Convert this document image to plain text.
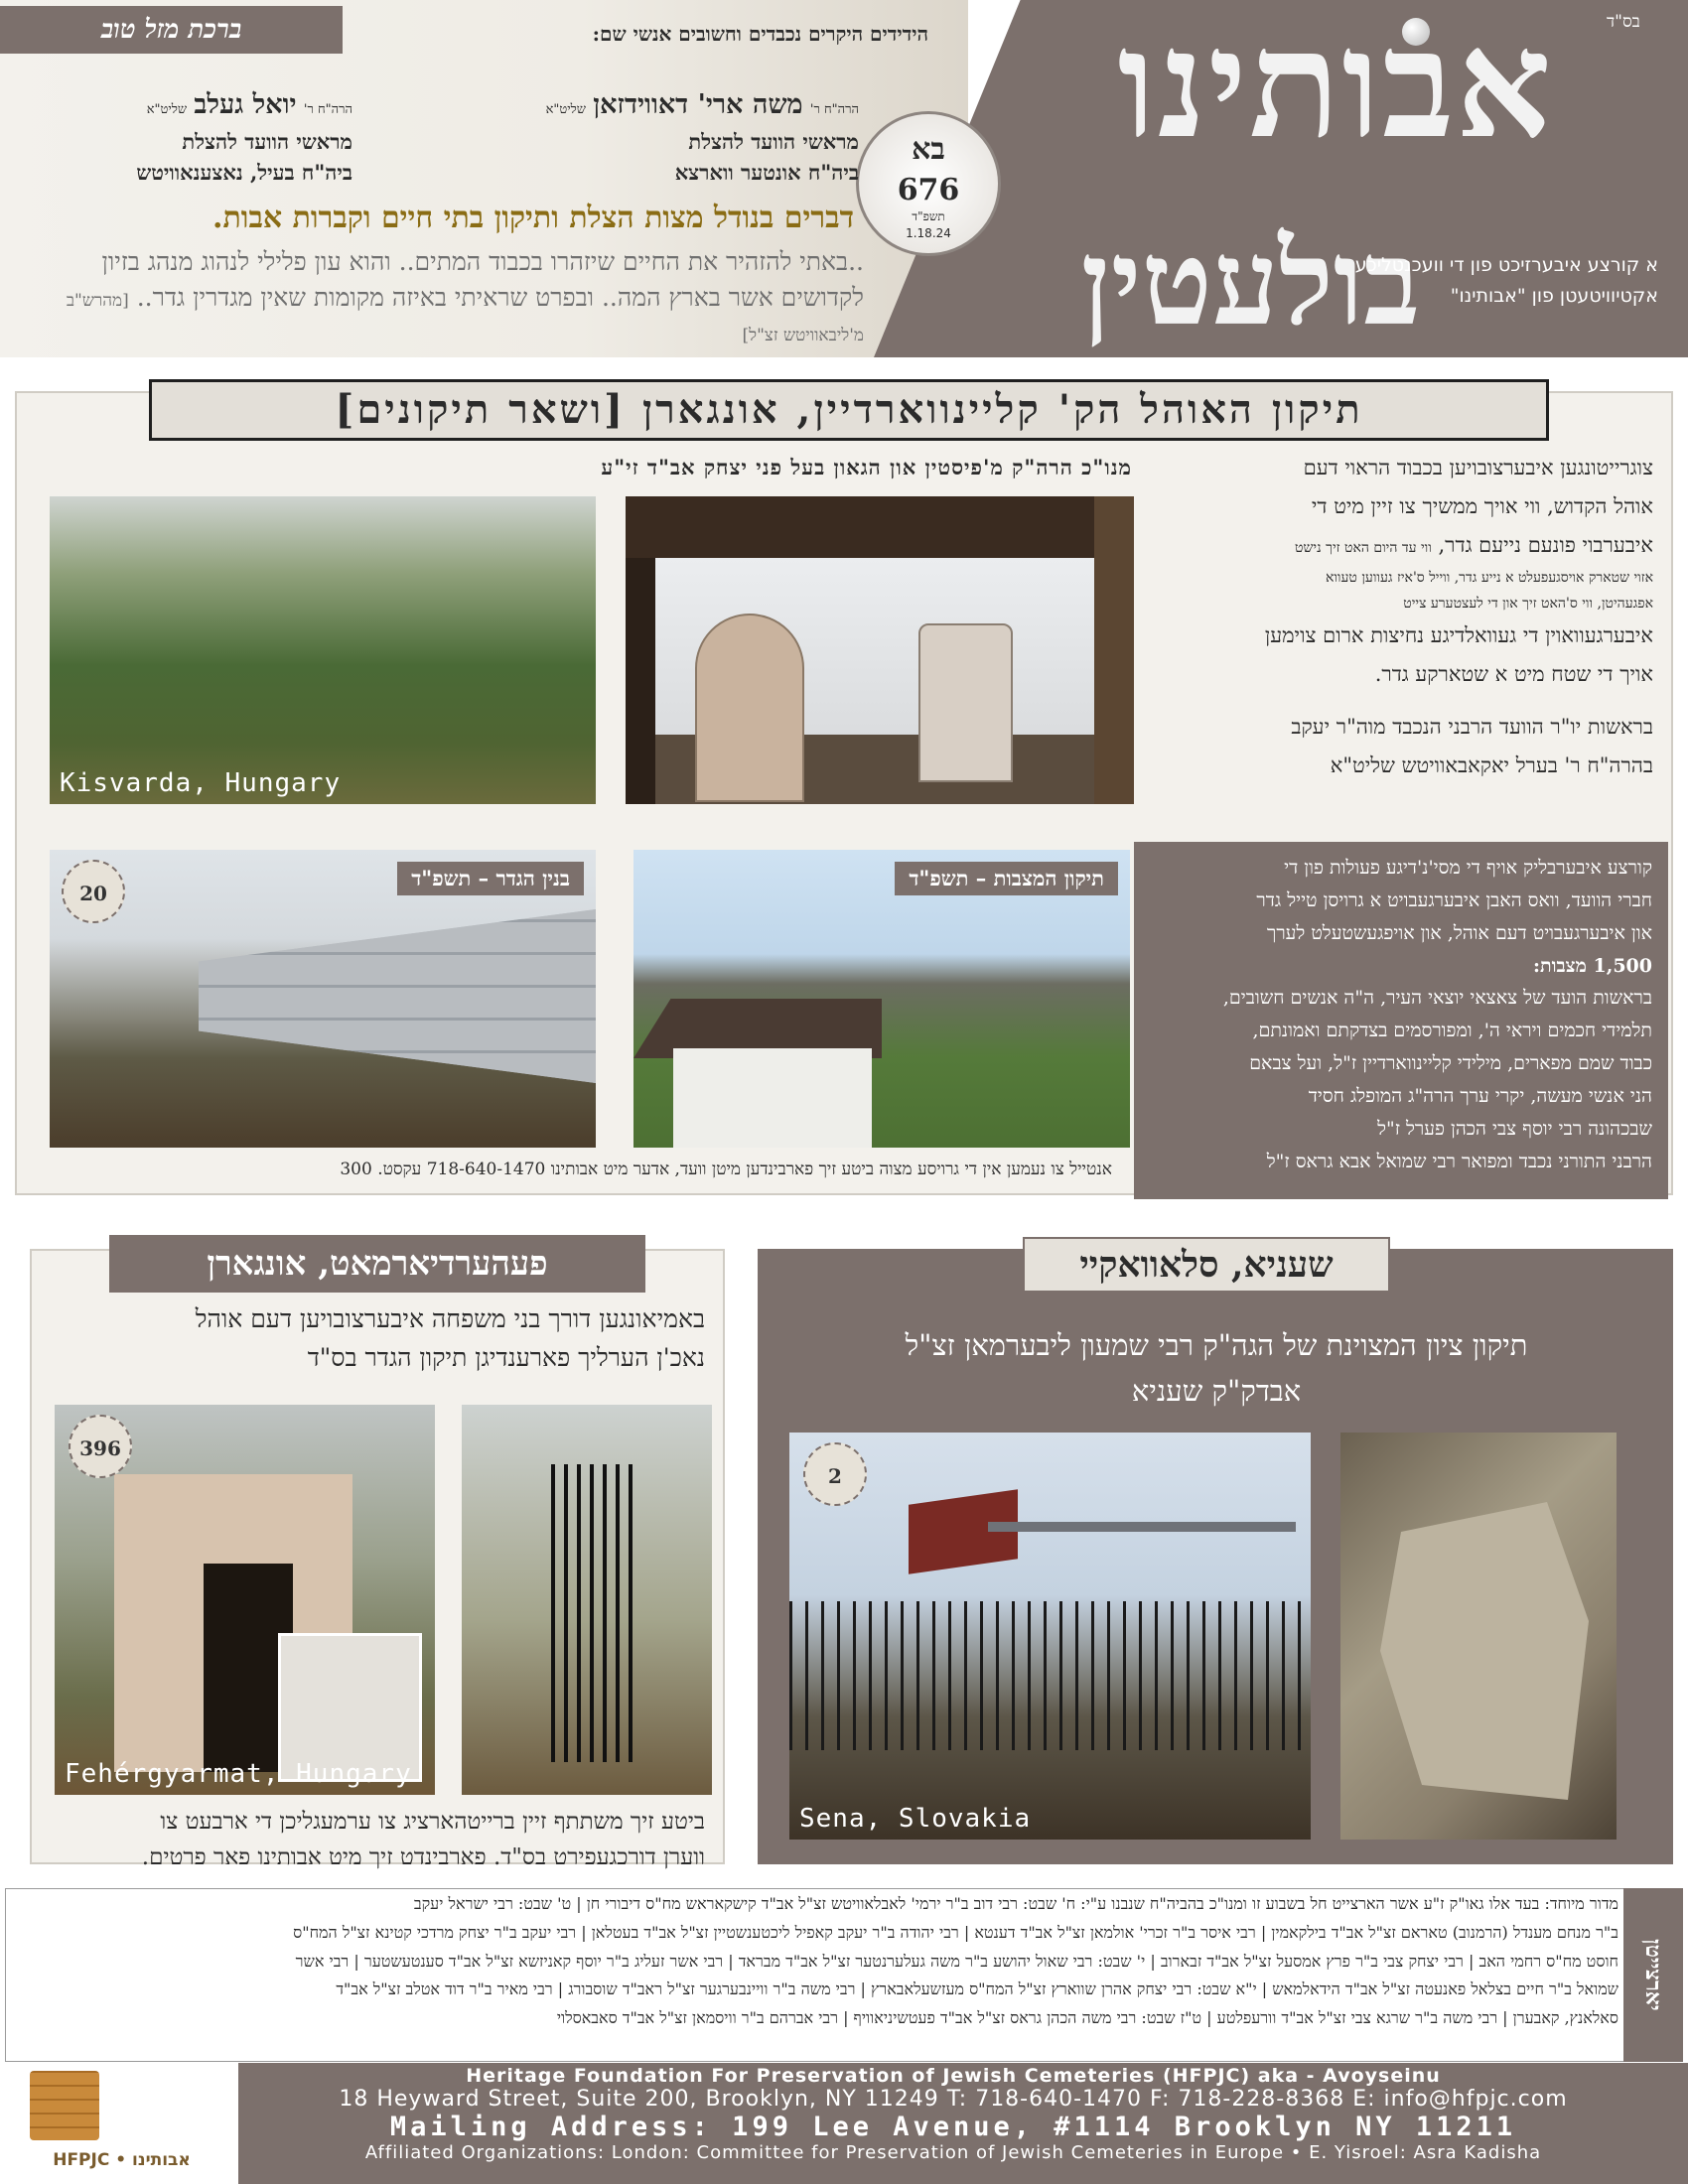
בס"ד
אבותינו
בולעטין
א קורצע איבערזיכט פון די וועכנטליכע אקטיוויטעטן פון "אבותינו"
בא
676
תשפ"ד
1.18.24
ברכת מזל טוב	הידידים היקרים נכבדים וחשובים אנשי שם:
הרה"ח ר' משה ארי' דאווידזאן שליט"א
מראשי הוועד להצלת
ביה"ח אונטער ווארצא
הרה"ח ר' יואל געלב שליט"א
מראשי הוועד להצלת
ביה"ח בעיל, נאצענאוויטש
דברים בנודל מצות הצלת ותיקון בתי חיים וקברות אבות.
..באתי להזהיר את החיים שיזהרו בכבוד המתים.. והוא עון פלילי לנהוג מנהג בזיון לקדושים אשר בארץ המה.. ובפרט שראיתי באיזה מקומות שאין מגדרין גדר.. [מהרש"ב מ'ליבאוויטש זצ"ל]
תיקון האוהל הק' קליינווארדיין, אונגארן [ושאר תיקונים]
מנו"כ הרה"ק מ'פיסטין און הגאון בעל פני יצחק אב"ד זי"ע	צוגרייטונגען איבערצובויען בכבוד הראוי דעם
אוהל הקדוש, ווי אויך ממשיך צו זיין מיט די
איבערבוי פונעם נייעם גדר, ווי עד היום האט זיך נישט
אזוי שטארק אויסגעפעלט א נייע גדר, ווייל ס'איז געווען טעווא
אפגעהיטן, ווי ס'האט זיך און די לעצטערע צייט
איבערגעוואוין די געוואלדיגע נחיצות ארום צוימען
אויך די שטח מיט א שטארקע גדר.
בראשות יו"ר הוועד הרבני הנכבד מוה"ר יעקב
בהרה"ח ר' בערל יאקאבאוויטש שליט"א
Kisvarda, Hungary
בנין הגדר – תשפ"ד
20
תיקון המצבות – תשפ"ד	קורצע איבערבליק אויף די מסי'נ'דיגע פעולות פון די
חברי הוועד, וואס האבן איבערגעבויט א גרויסן טייל גדר
און איבערגעבויט דעם אוהל, און אויפגעשטעלט לערך
1,500 מצבות:
בראשות הועד של צאצאי יוצאי העיר, ה"ה אנשים חשובים,
תלמידי חכמים ויראי ה', ומפורסמים בצדקתם ואמונתם,
כבוד שמם מפארים, מילידי קליינווארדיין ז"ל, ועל צבאם
הני אנשי מעשה, יקרי ערך הרה"ג המופלג חסיד
שבכהונה רבי יוסף צבי הכהן פערל ז"ל
הרבני התורני נכבד ומפואר רבי שמואל אבא גראס ז"ל
אנטייל צו נעמען אין די גרויסע מצוה ביטע זיך פארבינדען מיטן וועד, אדער מיט אבותינו 718-640-1470 עקסט. 300
פעהערדיארמאט, אונגארן
באמיאונגען דורך בני משפחה איבערצובויען דעם אוהל
נאכ'ן הערליך פארענדיגן תיקון הגדר בס"ד
396
Fehérgyarmat, Hungary
ביטע זיך משתתף זיין ברייטהארציג צו ערמעגליכן די ארבעט צו
ווערן דורכגעפירט בס"ד. פארבינדט זיך מיט אבותינו פאר פרטים.
שעניא, סלאוואקיי
תיקון ציון המצוינת של הגה"ק רבי שמעון ליבערמאן זצ"ל
אבדק"ק שעניא
2
Sena, Slovakia
יארצייטן
מדור מיוחד: בעד אלו גאו"ק ז"ע אשר הארצייט חל בשבוע זו ומנו"כ בהביה"ח שנבנו ע"י: ח' שבט: רבי דוב ב"ר ירמי' לאבלאוויטש זצ"ל אב"ד קישקאראש מח"ס דיבורי חן | ט' שבט: רבי ישראל יעקב
ב"ר מנחם מענדל (הרמנוב) טאראם זצ"ל אב"ד בילקאמין | רבי איסר ב"ר זכרי' אולמאן זצ"ל אב"ד דענטא | רבי יהודה ב"ר יעקב קאפיל ליכטענשטיין זצ"ל אב"ד בעטלאן | רבי יעקב ב"ר יצחק מרדכי קטינא זצ"ל המח"ס
חוסט מח"ס רחמי האב | רבי יצחק צבי ב"ר פרץ אמסעל זצ"ל אב"ד זבארוב | י' שבט: רבי שאול יהושע ב"ר משה געלערנטער זצ"ל אב"ד מבראד | רבי אשר זעליג ב"ר יוסף קאניזשא זצ"ל אב"ד סענטעשטער | רבי אשר
שמואל ב"ר חיים בצלאל פאנעטה זצ"ל אב"ד הידאלמאש | י"א שבט: רבי יצחק אהרן שווארץ זצ"ל המח"ס מעזשעלאבארץ | רבי משה ב"ר וויינבערגער זצ"ל ראב"ד שוסבורג | רבי מאיר ב"ר דוד אטלב זצ"ל אב"ד
סאלאנץ, קאבערן | רבי משה ב"ר שרגא צבי זצ"ל אב"ד וורעפלטע | ט"ז שבט: רבי משה הכהן גראס זצ"ל אב"ד פעטשיניאוויף | רבי אברהם ב"ר וויסמאן זצ"ל אב"ד סאבאסלוי
HFPJC • אבותינו
Heritage Foundation For Preservation of Jewish Cemeteries (HFPJC) aka - Avoyseinu
18 Heyward Street, Suite 200, Brooklyn, NY 11249 T: 718-640-1470 F: 718-228-8368 E: info@hfpjc.com
Mailing Address: 199 Lee Avenue, #1114 Brooklyn NY 11211
Affiliated Organizations: London: Committee for Preservation of Jewish Cemeteries in Europe • E. Yisroel: Asra Kadisha
